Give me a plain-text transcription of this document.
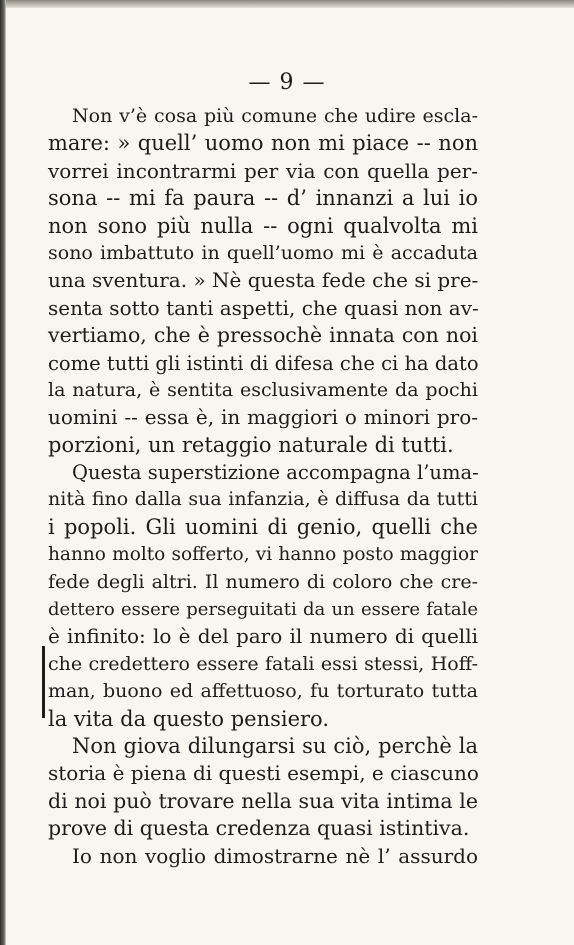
— 9 —
Non v’è cosa più comune che udire escla-
mare: » quell’ uomo non mi piace -- non
vorrei incontrarmi per via con quella per-
sona -- mi fa paura -- d’ innanzi a lui io
non sono più nulla -- ogni qualvolta mi
sono imbattuto in quell’uomo mi è accaduta
una sventura. » Nè questa fede che si pre-
senta sotto tanti aspetti, che quasi non av-
vertiamo, che è pressochè innata con noi
come tutti gli istinti di difesa che ci ha dato
la natura, è sentita esclusivamente da pochi
uomini -- essa è, in maggiori o minori pro-
porzioni, un retaggio naturale di tutti.
Questa superstizione accompagna l’uma-
nità fino dalla sua infanzia, è diffusa da tutti
i popoli. Gli uomini di genio, quelli che
hanno molto sofferto, vi hanno posto maggior
fede degli altri. Il numero di coloro che cre-
dettero essere perseguitati da un essere fatale
è infinito: lo è del paro il numero di quelli
che credettero essere fatali essi stessi, Hoff-
man, buono ed affettuoso, fu torturato tutta
la vita da questo pensiero.
Non giova dilungarsi su ciò, perchè la
storia è piena di questi esempi, e ciascuno
di noi può trovare nella sua vita intima le
prove di questa credenza quasi istintiva.
Io non voglio dimostrarne nè l’ assurdo
